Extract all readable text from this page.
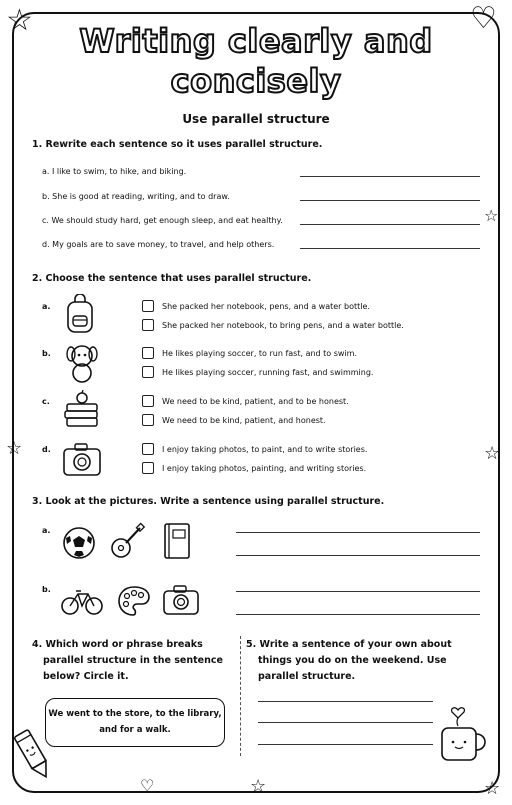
☆	♡
☆
☆	☆
♡	☆	☆
Writing clearly and
concisely
Use parallel structure
1. Rewrite each sentence so it uses parallel structure.
a. I like to swim, to hike, and biking.
b. She is good at reading, writing, and to draw.
c. We should study hard, get enough sleep, and eat healthy.
d. My goals are to save money, to travel, and help others.
2. Choose the sentence that uses parallel structure.
a.	She packed her notebook, pens, and a water bottle.
She packed her notebook, to bring pens, and a water bottle.
b.	He likes playing soccer, to run fast, and to swim.
He likes playing soccer, running fast, and swimming.
c.	We need to be kind, patient, and to be honest.
We need to be kind, patient, and honest.
d.	I enjoy taking photos, to paint, and to write stories.
I enjoy taking photos, painting, and writing stories.
3. Look at the pictures. Write a sentence using parallel structure.
a.
b.
4. Which word or phrase breaks
parallel structure in the sentence
below? Circle it.
We went to the store, to the library,
and for a walk.
5. Write a sentence of your own about
things you do on the weekend. Use
parallel structure.
